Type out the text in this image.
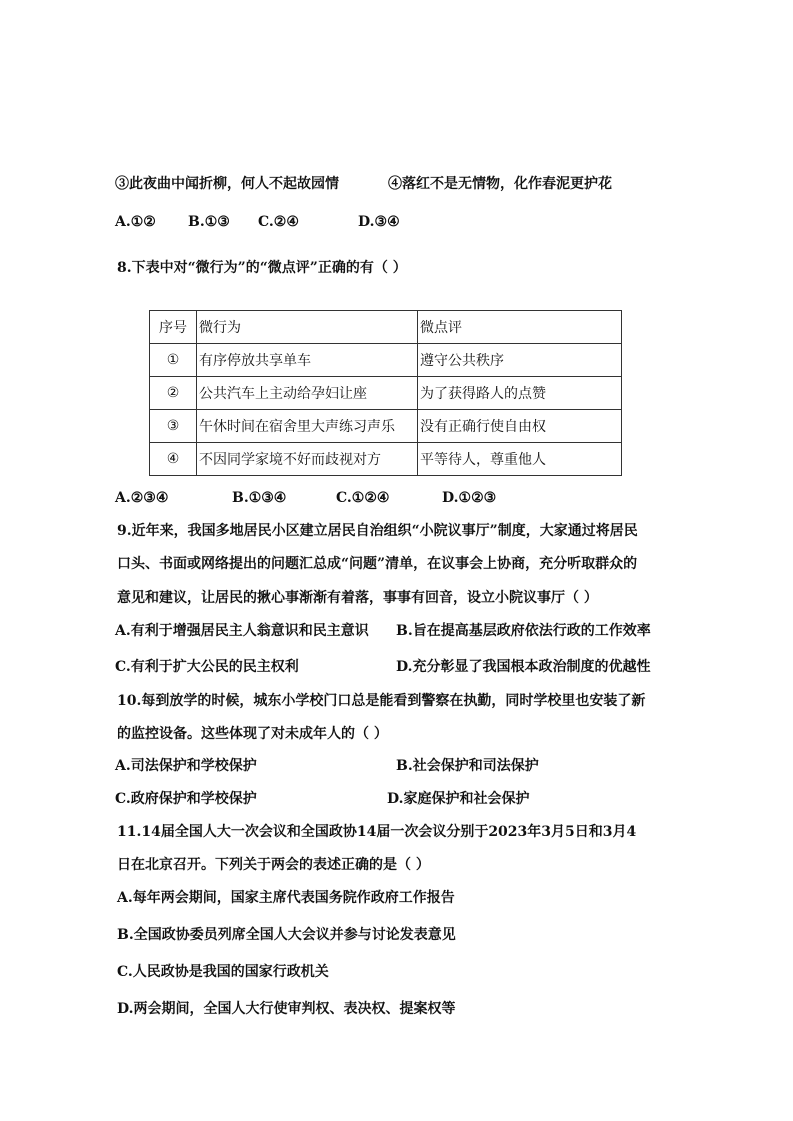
③此夜曲中闻折柳，何人不起故园情	④落红不是无情物，化作春泥更护花
A.①② B.①③ C.②④	D.③④
8.下表中对“微行为”的“微点评”正确的有（ ）
序号	微行为	微点评
①	有序停放共享单车	遵守公共秩序
②	公共汽车上主动给孕妇让座	为了获得路人的点赞
③	午休时间在宿舍里大声练习声乐	没有正确行使自由权
④	不因同学家境不好而歧视对方	平等待人，尊重他人
A.②③④	B.①③④	C.①②④	D.①②③
9.近年来，我国多地居民小区建立居民自治组织“小院议事厅”制度，大家通过将居民
口头、书面或网络提出的问题汇总成“问题”清单，在议事会上协商，充分听取群众的
意见和建议，让居民的揪心事渐渐有着落，事事有回音，设立小院议事厅（ ）
A.有利于增强居民主人翁意识和民主意识 B.旨在提高基层政府依法行政的工作效率
C.有利于扩大公民的民主权利	D.充分彰显了我国根本政治制度的优越性
10.每到放学的时候，城东小学校门口总是能看到警察在执勤，同时学校里也安装了新
的监控设备。这些体现了对未成年人的（ ）
A.司法保护和学校保护	B.社会保护和司法保护
C.政府保护和学校保护	D.家庭保护和社会保护
11.14届全国人大一次会议和全国政协14届一次会议分别于2023年3月5日和3月4
日在北京召开。下列关于两会的表述正确的是（ ）
A.每年两会期间，国家主席代表国务院作政府工作报告
B.全国政协委员列席全国人大会议并参与讨论发表意见
C.人民政协是我国的国家行政机关
D.两会期间，全国人大行使审判权、表决权、提案权等
